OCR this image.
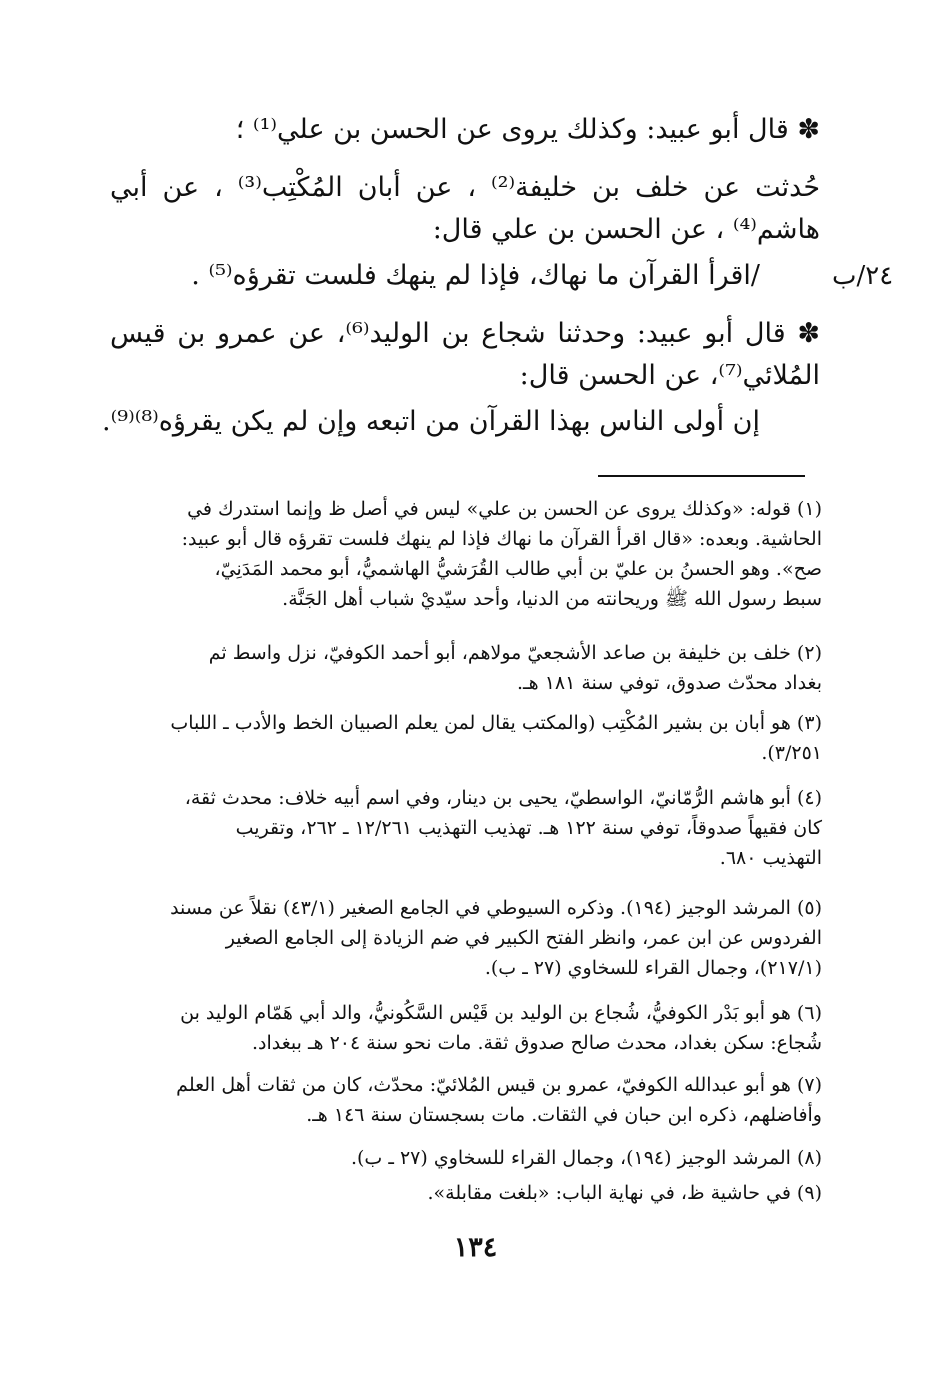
✽ قال أبو عبيد: وكذلك يروى عن الحسن بن علي⁽¹⁾ ؛
حُدثت عن خلف بن خليفة⁽²⁾ ، عن أبان المُكْتِب⁽³⁾ ، عن أبي
هاشم⁽⁴⁾ ، عن الحسن بن علي قال:
/اقرأ القرآن ما نهاك، فإذا لم ينهك فلست تقرؤه⁽⁵⁾ .
✽ قال أبو عبيد: وحدثنا شجاع بن الوليد⁽⁶⁾، عن عمرو بن قيس
المُلائي⁽⁷⁾، عن الحسن قال:
إن أولى الناس بهذا القرآن من اتبعه وإن لم يكن يقرؤه⁽⁸⁾⁽⁹⁾.
٢٤/ب
(١) قوله: «وكذلك يروى عن الحسن بن علي» ليس في أصل ظ وإنما استدرك في
الحاشية. وبعده: «قال اقرأ القرآن ما نهاك فإذا لم ينهك فلست تقرؤه قال أبو عبيد:
صح». وهو الحسنُ بن عليّ بن أبي طالب القُرَشيُّ الهاشميُّ، أبو محمد المَدَنِيّ،
سبط رسول الله ﷺ وريحانته من الدنيا، وأحد سيّديْ شباب أهل الجَنَّة.
(٢) خلف بن خليفة بن صاعد الأشجعيّ مولاهم، أبو أحمد الكوفيّ، نزل واسط ثم
بغداد محدّث صدوق، توفي سنة ١٨١ هـ.
(٣) هو أبان بن بشير المُكْتِب (والمكتب يقال لمن يعلم الصبيان الخط والأدب ـ اللباب
٣/٢٥١).
(٤) أبو هاشم الرُّمّانيّ، الواسطيّ، يحيى بن دينار، وفي اسم أبيه خلاف: محدث ثقة،
كان فقيهاً صدوقاً، توفي سنة ١٢٢ هـ. تهذيب التهذيب ١٢/٢٦١ ـ ٢٦٢، وتقريب
التهذيب ٦٨٠.
(٥) المرشد الوجيز (١٩٤). وذكره السيوطي في الجامع الصغير (٤٣/١) نقلاً عن مسند
الفردوس عن ابن عمر، وانظر الفتح الكبير في ضم الزيادة إلى الجامع الصغير
(٢١٧/١)، وجمال القراء للسخاوي (٢٧ ـ ب).
(٦) هو أبو بَدْر الكوفيُّ، شُجاع بن الوليد بن قَيْس السَّكُونيُّ، والد أبي هَمّام الوليد بن
شُجاع: سكن بغداد، محدث صالح صدوق ثقة. مات نحو سنة ٢٠٤ هـ ببغداد.
(٧) هو أبو عبدالله الكوفيّ، عمرو بن قيس المُلائيّ: محدّث، كان من ثقات أهل العلم
وأفاضلهم، ذكره ابن حبان في الثقات. مات بسجستان سنة ١٤٦ هـ.
(٨) المرشد الوجيز (١٩٤)، وجمال القراء للسخاوي (٢٧ ـ ب).
(٩) في حاشية ظ، في نهاية الباب: «بلغت مقابلة».
١٣٤
